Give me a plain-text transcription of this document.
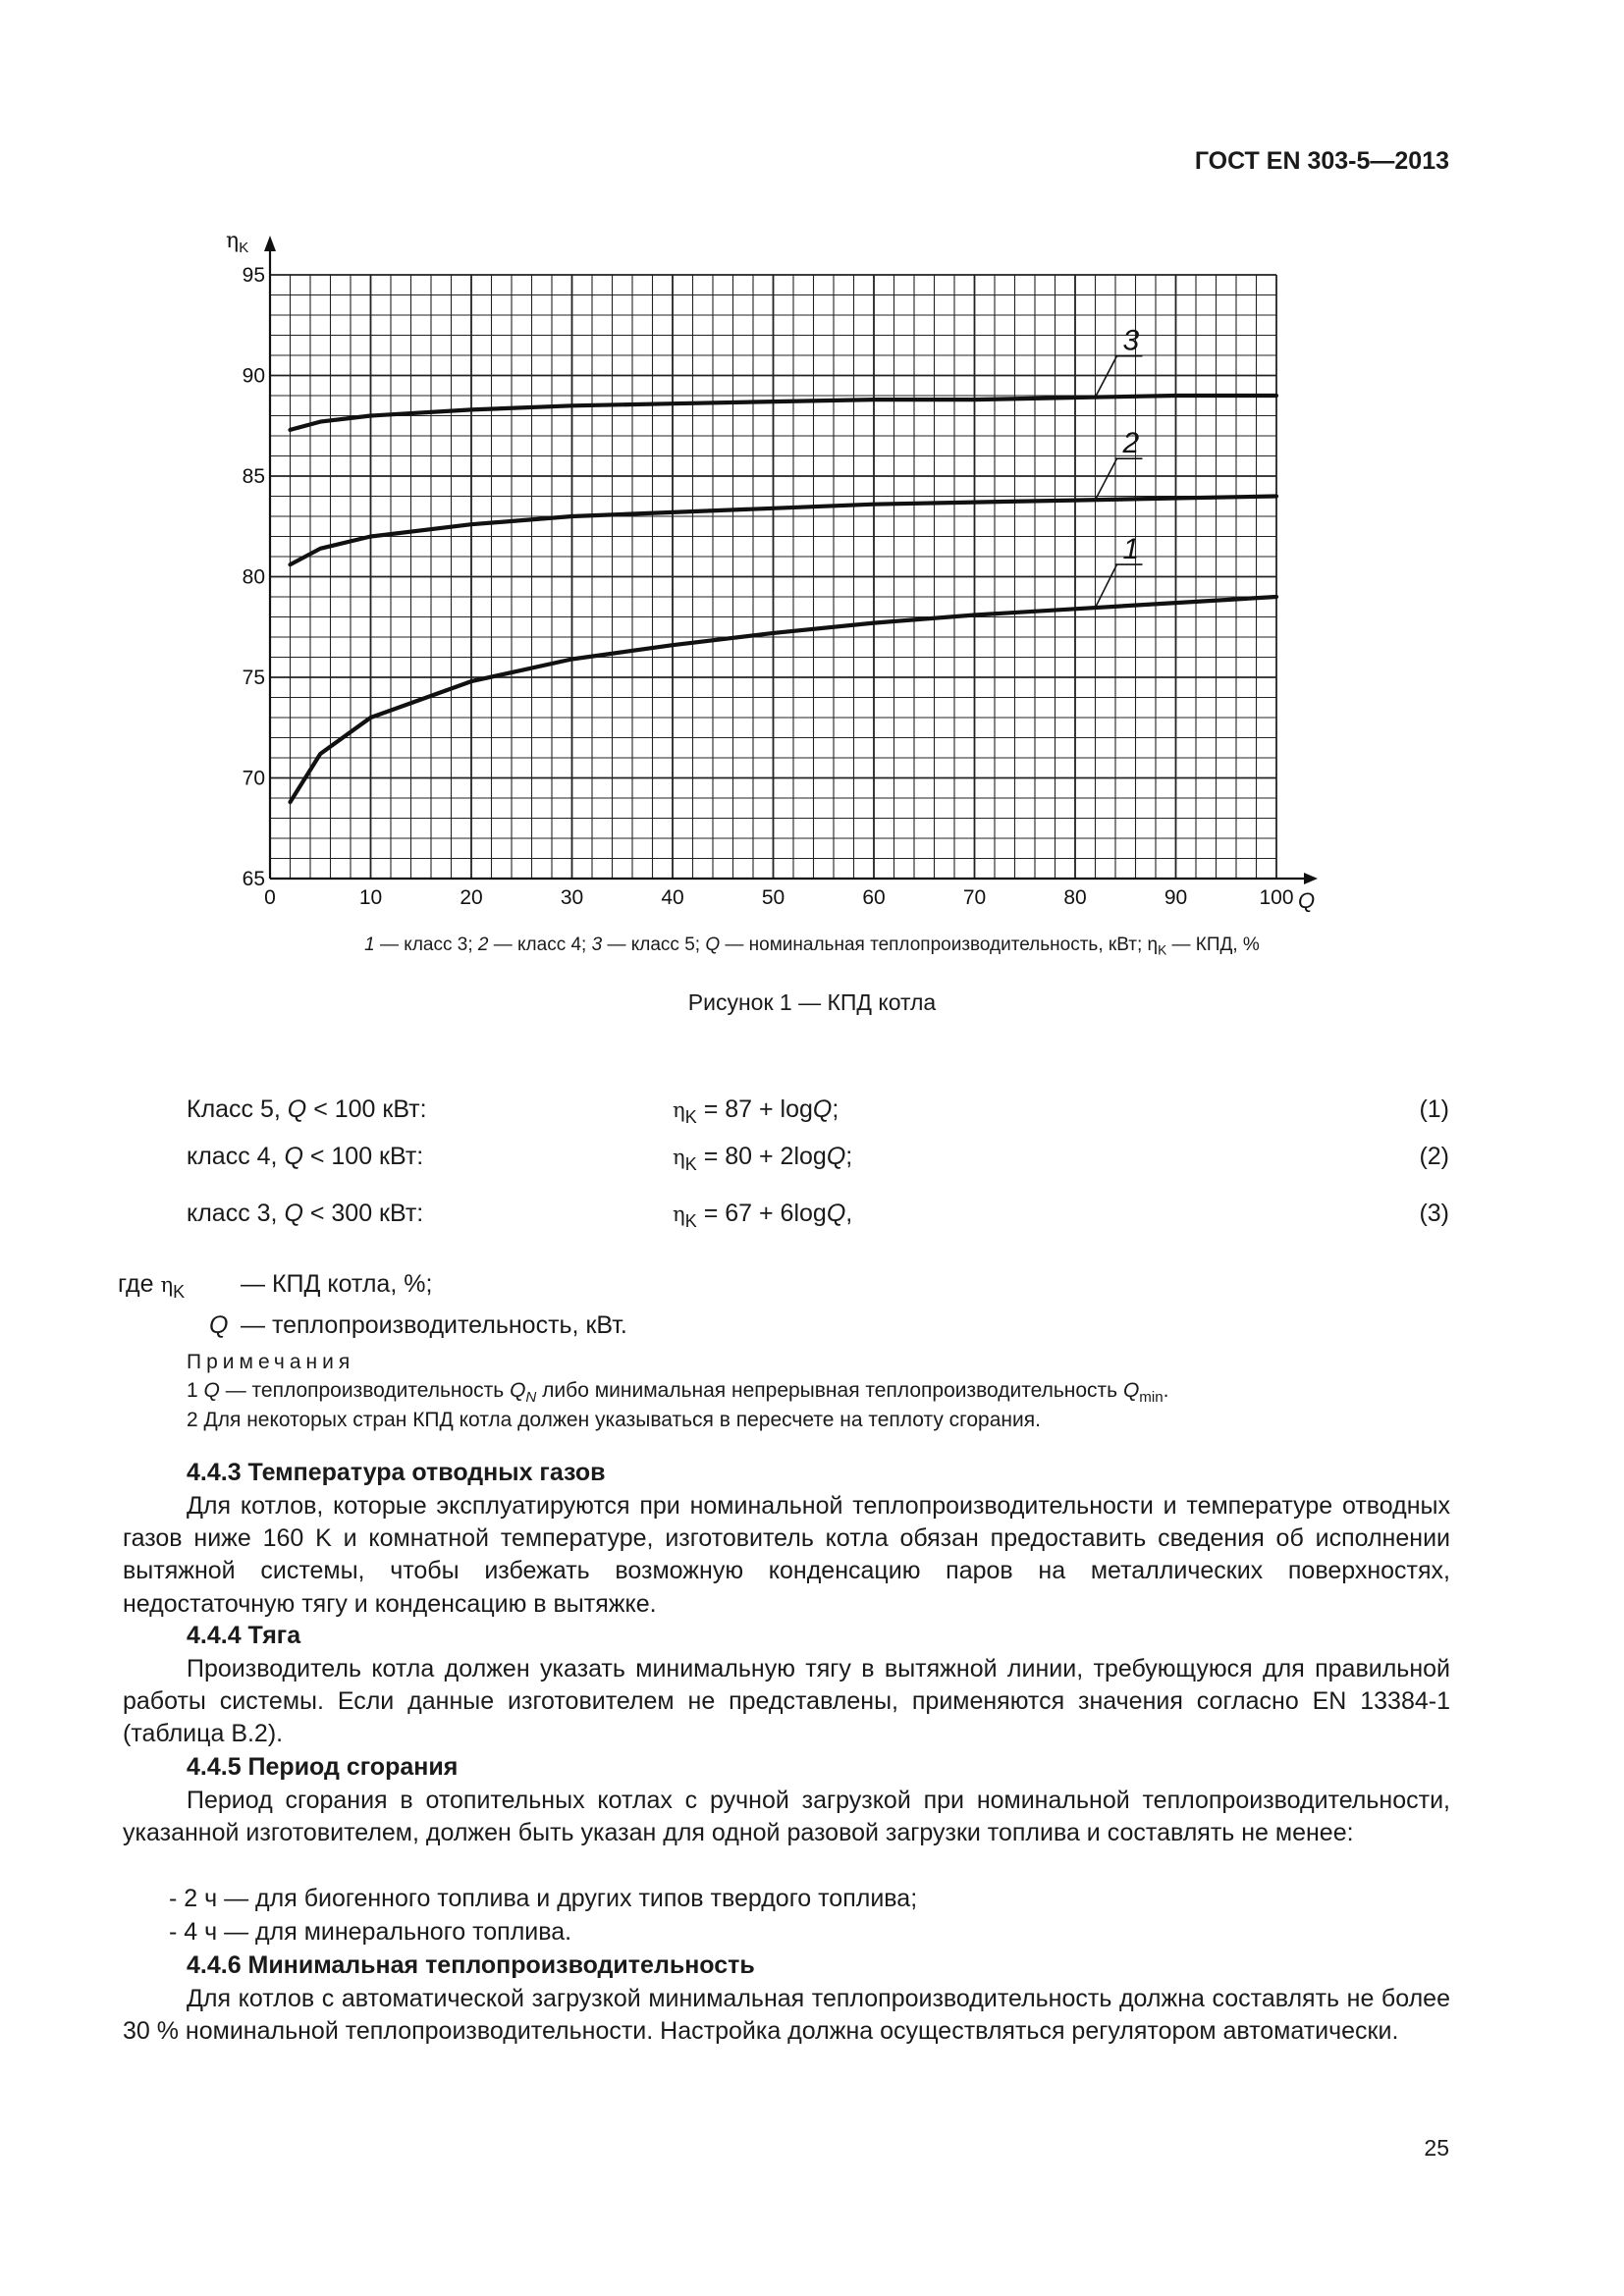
ГОСТ EN 303-5—2013
0	10	20	30	40	50	60	70	80	90	100
65
70
75
80
85
90
95
Q
$\eta_K$
1
2
3
1 — класс 3; 2 — класс 4; 3 — класс 5; Q — номинальная теплопроизводительность, кВт; $\eta_K$ — КПД, %
Рисунок 1 — КПД котла
Класс 5, Q < 100 кВт:	$\eta_K = 87 + \log Q$;	(1)
класс 4, Q < 100 кВт:	$\eta_K = 80 + 2\log Q$;	(2)
класс 3, Q < 300 кВт:	$\eta_K = 67 + 6\log Q$,	(3)
где $\eta_K$ — КПД котла, %;
Q — теплопроизводительность, кВт.
Примечания
1 Q — теплопроизводительность $Q_N$ либо минимальная непрерывная теплопроизводительность $Q_{min}$.
2 Для некоторых стран КПД котла должен указываться в пересчете на теплоту сгорания.
4.4.3 Температура отводных газов
Для котлов, которые эксплуатируются при номинальной теплопроизводительности и температуре отводных газов ниже 160 K и комнатной температуре, изготовитель котла обязан предоставить сведения об исполнении вытяжной системы, чтобы избежать возможную конденсацию паров на металлических поверхностях, недостаточную тягу и конденсацию в вытяжке.
4.4.4 Тяга
Производитель котла должен указать минимальную тягу в вытяжной линии, требующуюся для правильной работы системы. Если данные изготовителем не представлены, применяются значения согласно EN 13384-1 (таблица В.2).
4.4.5 Период сгорания
Период сгорания в отопительных котлах с ручной загрузкой при номинальной теплопроизводительности, указанной изготовителем, должен быть указан для одной разовой загрузки топлива и составлять не менее:
- 2 ч — для биогенного топлива и других типов твердого топлива;
- 4 ч — для минерального топлива.
4.4.6 Минимальная теплопроизводительность
Для котлов с автоматической загрузкой минимальная теплопроизводительность должна составлять не более 30 % номинальной теплопроизводительности. Настройка должна осуществляться регулятором автоматически.
25
